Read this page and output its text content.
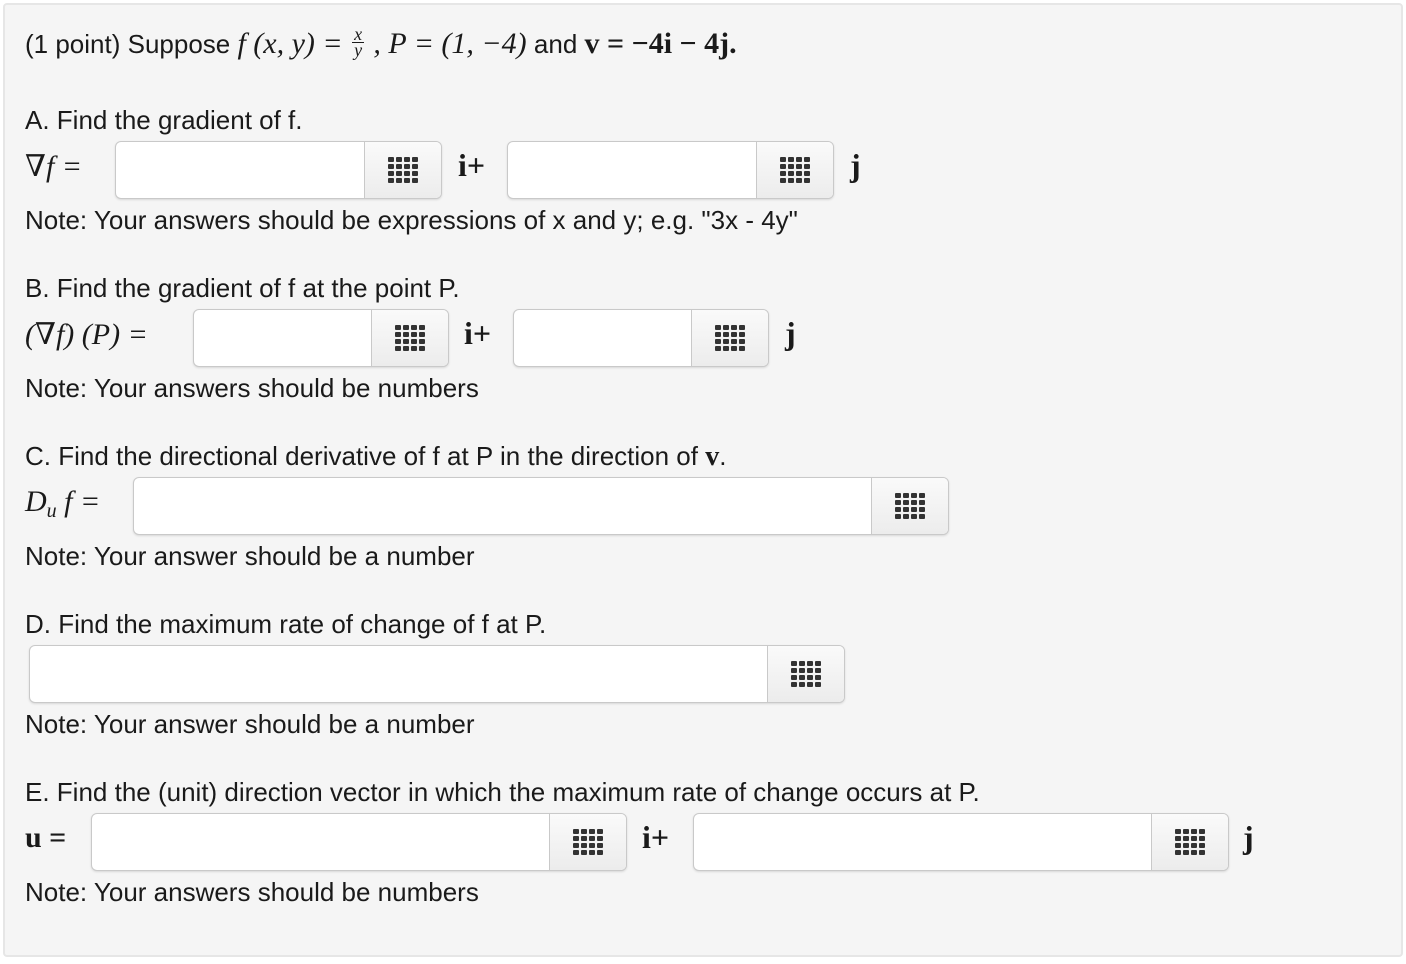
(1 point) Suppose f (x, $y) = \frac{x}{y}$ , P = (1, −4) and v = −4i − 4j.
A. Find the gradient of f.
∇f =	i+	j
Note: Your answers should be expressions of x and y; e.g. "3x - 4y"
B. Find the gradient of f at the point P.
(∇f) (P) =	i+	j
Note: Your answers should be numbers
C. Find the directional derivative of f at P in the direction of v.
$D_u$ f =
Note: Your answer should be a number
D. Find the maximum rate of change of f at P.
Note: Your answer should be a number
E. Find the (unit) direction vector in which the maximum rate of change occurs at P.
u =	i+	j
Note: Your answers should be numbers
